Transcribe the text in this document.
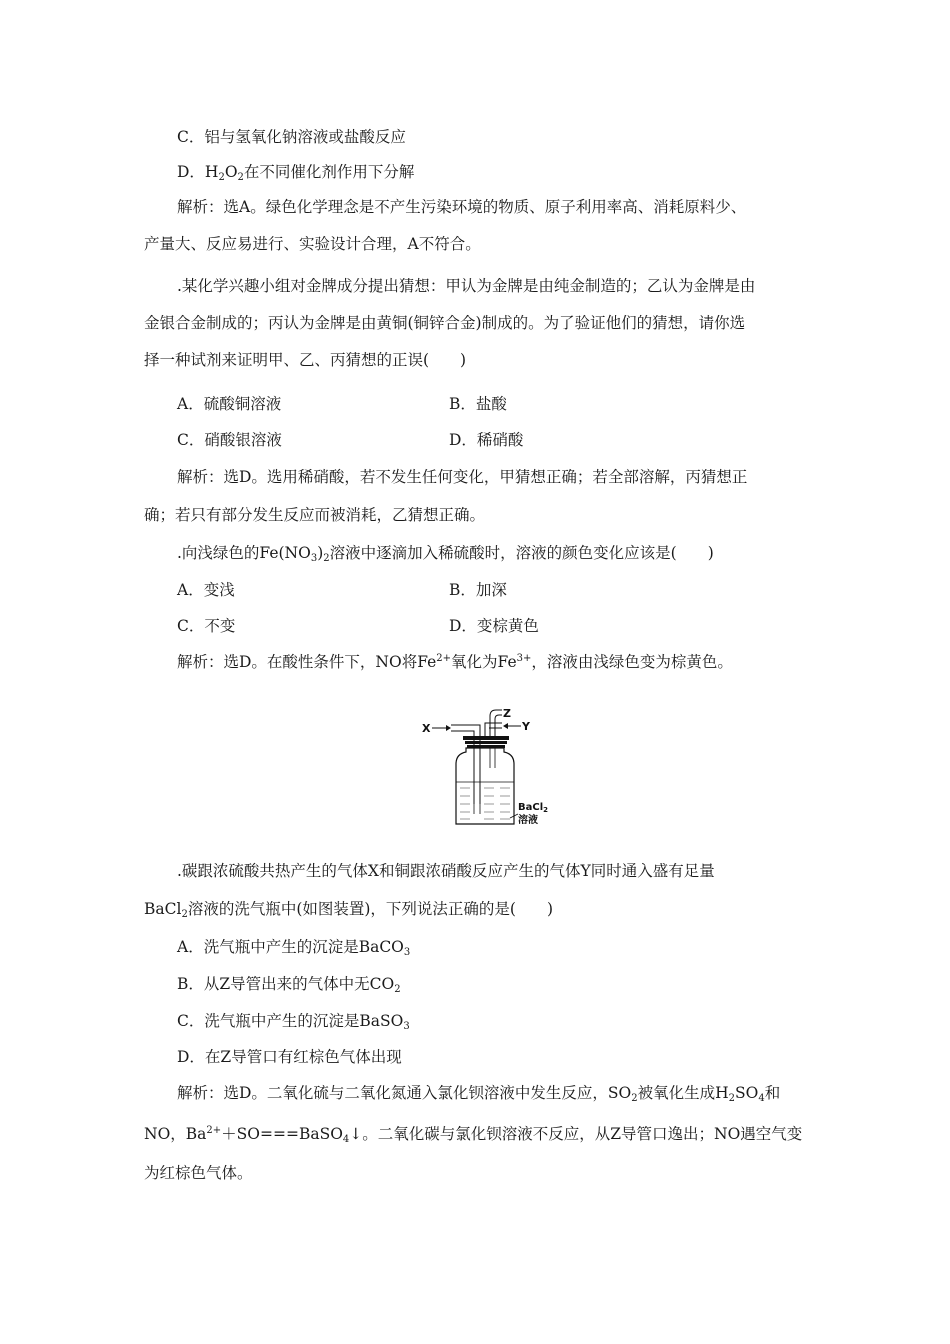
C．铝与氢氧化钠溶液或盐酸反应
D．$H_2O_2$在不同催化剂作用下分解
解析：选A。绿色化学理念是不产生污染环境的物质、原子利用率高、消耗原料少、
产量大、反应易进行、实验设计合理，A不符合。
.某化学兴趣小组对金牌成分提出猜想：甲认为金牌是由纯金制造的；乙认为金牌是由
金银合金制成的；丙认为金牌是由黄铜(铜锌合金)制成的。为了验证他们的猜想，请你选
择一种试剂来证明甲、乙、丙猜想的正误(　　)
A．硫酸铜溶液	B．盐酸
C．硝酸银溶液	D．稀硝酸
解析：选D。选用稀硝酸，若不发生任何变化，甲猜想正确；若全部溶解，丙猜想正
确；若只有部分发生反应而被消耗，乙猜想正确。
.向浅绿色的$Fe(NO_3)_2$溶液中逐滴加入稀硫酸时，溶液的颜色变化应该是(　　)
A．变浅	B．加深
C．不变	D．变棕黄色
解析：选D。在酸性条件下，NO将$Fe^{2+}$氧化为$Fe^{3+}$，溶液由浅绿色变为棕黄色。
X
Z
Y
BaCl$_2$
溶液
.碳跟浓硫酸共热产生的气体X和铜跟浓硝酸反应产生的气体Y同时通入盛有足量
BaCl$_2$溶液的洗气瓶中(如图装置)，下列说法正确的是(　　)
A．洗气瓶中产生的沉淀是BaCO$_3$
B．从Z导管出来的气体中无$CO_2$
C．洗气瓶中产生的沉淀是BaSO$_3$
D．在Z导管口有红棕色气体出现
解析：选D。二氧化硫与二氧化氮通入氯化钡溶液中发生反应，$SO_2$被氧化生成$H_2SO_4$和
NO，$Ba^{2+}+SO===BaSO_4↓$。二氧化碳与氯化钡溶液不反应，从Z导管口逸出；NO遇空气变
为红棕色气体。
